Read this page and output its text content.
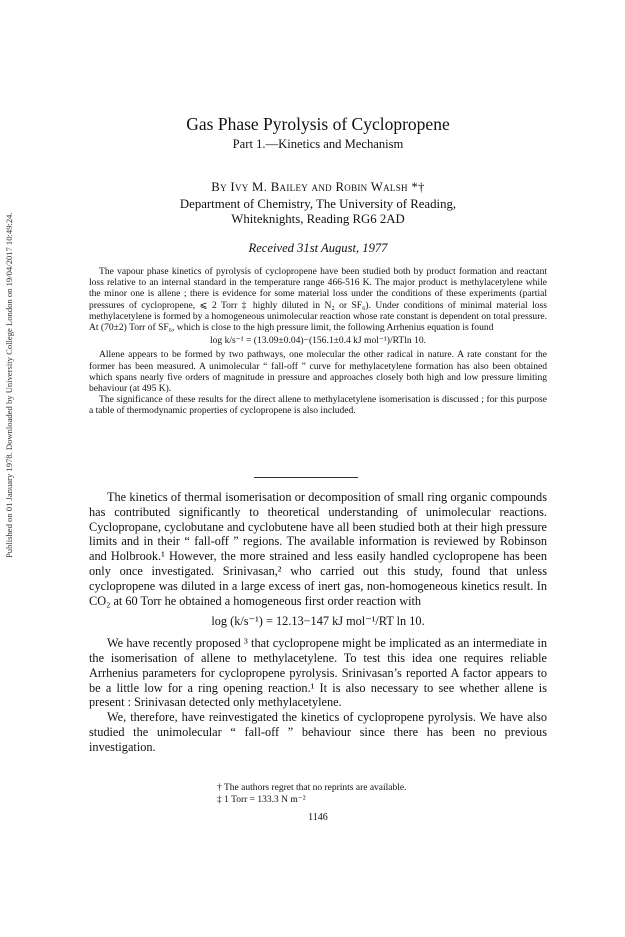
Published on 01 January 1978. Downloaded by University College London on 19/04/2017 10:49:24.
Gas Phase Pyrolysis of Cyclopropene
Part 1.—Kinetics and Mechanism
By Ivy M. Bailey and Robin Walsh *†
Department of Chemistry, The University of Reading,
Whiteknights, Reading RG6 2AD
Received 31st August, 1977

The vapour phase kinetics of pyrolysis of cyclopropene have been studied both by product formation and reactant loss relative to an internal standard in the temperature range 466-516 K. The major product is methylacetylene while the minor one is allene ; there is evidence for some material loss under the conditions of these experiments (partial pressures of cyclopropene, ⩽ 2 Torr ‡ highly diluted in N₂ or SF₆). Under conditions of minimal material loss methylacetylene is formed by a homogeneous unimolecular reaction whose rate constant is dependent on total pressure. At (70±2) Torr of SF₆, which is close to the high pressure limit, the following Arrhenius equation is found

log k/s⁻¹ = (13.09±0.04)−(156.1±0.4 kJ mol⁻¹)/RTln 10.

Allene appears to be formed by two pathways, one molecular the other radical in nature. A rate constant for the former has been measured. A unimolecular “ fall-off ” curve for methylacetylene formation has also been obtained which spans nearly five orders of magnitude in pressure and approaches closely both high and low pressure limiting behaviour (at 495 K).

The significance of these results for the direct allene to methylacetylene isomerisation is discussed ; for this purpose a table of thermodynamic properties of cyclopropene is also included.

The kinetics of thermal isomerisation or decomposition of small ring organic compounds has contributed significantly to theoretical understanding of unimolecular reactions. Cyclopropane, cyclobutane and cyclobutene have all been studied both at their high pressure limits and in their “ fall-off ” regions. The available information is reviewed by Robinson and Holbrook.¹ However, the more strained and less easily handled cyclopropene has been only once investigated. Srinivasan,² who carried out this study, found that unless cyclopropene was diluted in a large excess of inert gas, non-homogeneous kinetics result. In CO₂ at 60 Torr he obtained a homogeneous first order reaction with

log (k/s⁻¹) = 12.13−147 kJ mol⁻¹/RT ln 10.

We have recently proposed ³ that cyclopropene might be implicated as an intermediate in the isomerisation of allene to methylacetylene. To test this idea one requires reliable Arrhenius parameters for cyclopropene pyrolysis. Srinivasan’s reported A factor appears to be a little low for a ring opening reaction.¹ It is also necessary to see whether allene is present : Srinivasan detected only methylacetylene.

We, therefore, have reinvestigated the kinetics of cyclopropene pyrolysis. We have also studied the unimolecular “ fall-off ” behaviour since there has been no previous investigation.

† The authors regret that no reprints are available.
‡ 1 Torr = 133.3 N m⁻²
1146
